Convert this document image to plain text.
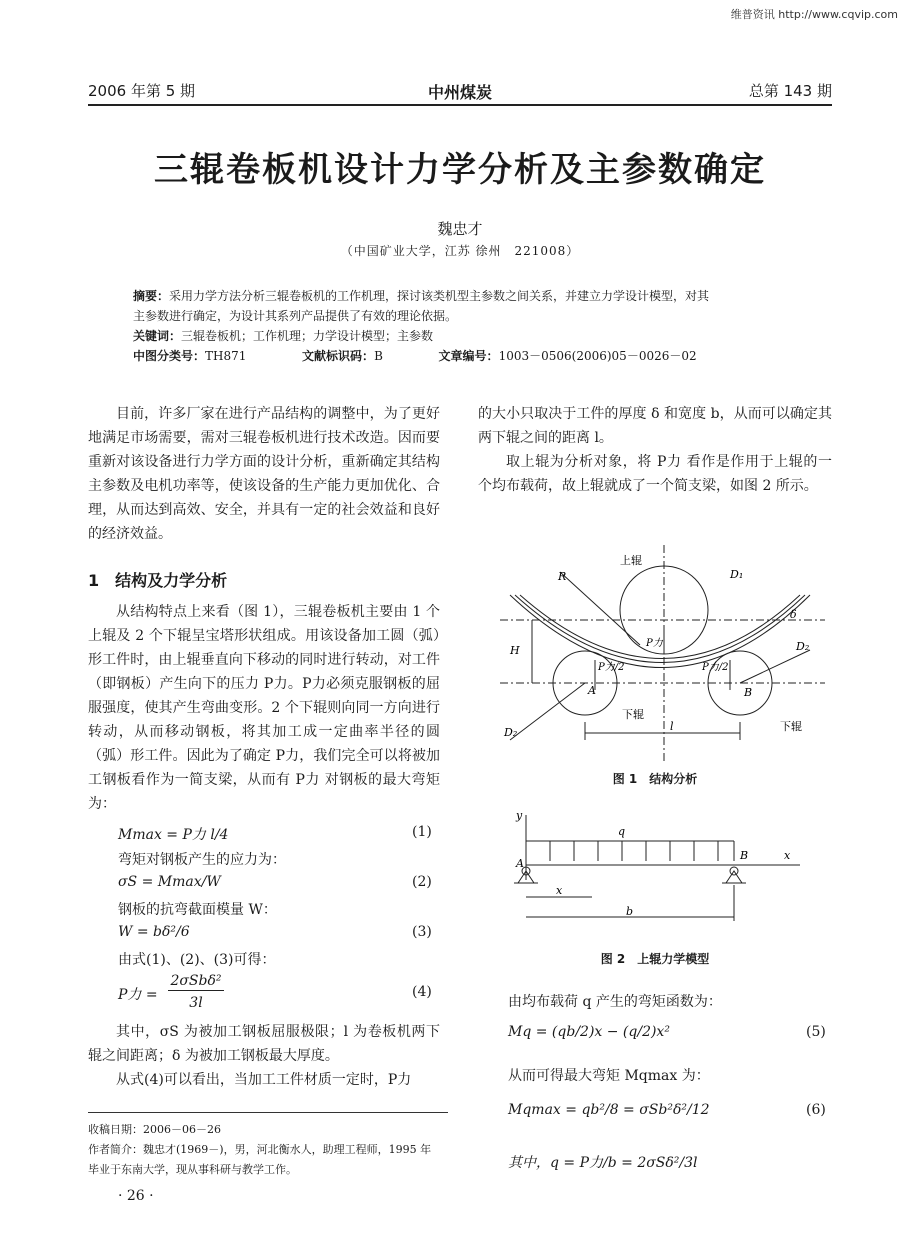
维普资讯 http://www.cqvip.com
2006 年第 5 期	中州煤炭	总第 143 期
三辊卷板机设计力学分析及主参数确定
魏忠才
（中国矿业大学，江苏 徐州　221008）
摘要：采用力学方法分析三辊卷板机的工作机理，探讨该类机型主参数之间关系，并建立力学设计模型，对其
主参数进行确定，为设计其系列产品提供了有效的理论依据。
关键词：三辊卷板机；工作机理；力学设计模型；主参数
中图分类号：TH871	文献标识码：B	文章编号：1003－0506(2006)05－0026－02

目前，许多厂家在进行产品结构的调整中，为了更好地满足市场需要，需对三辊卷板机进行技术改造。因而要重新对该设备进行力学方面的设计分析，重新确定其结构主参数及电机功率等，使该设备的生产能力更加优化、合理，从而达到高效、安全，并具有一定的社会效益和良好的经济效益。

1　结构及力学分析

从结构特点上来看（图 1），三辊卷板机主要由 1 个上辊及 2 个下辊呈宝塔形状组成。用该设备加工圆（弧）形工件时，由上辊垂直向下移动的同时进行转动，对工件（即钢板）产生向下的压力 P力。P力必须克服钢板的屈服强度，使其产生弯曲变形。2 个下辊则向同一方向进行转动，从而移动钢板，将其加工成一定曲率半径的圆（弧）形工件。因此为了确定 P力，我们完全可以将被加工钢板看作为一简支梁，从而有 P力 对钢板的最大弯矩为：

Mmax = P力 l/4	(1)
弯矩对钢板产生的应力为：
σS = Mmax/W	(2)
钢板的抗弯截面模量 W：
W = bδ²/6	(3)
由式(1)、(2)、(3)可得：
P力 =
2σSbδ²
3l
(4)

其中，σS 为被加工钢板屈服极限；l 为卷板机两下辊之间距离；δ 为被加工钢板最大厚度。

从式(4)可以看出，当加工工件材质一定时，P力

收稿日期：2006－06－26
作者简介：魏忠才(1969－)，男，河北衡水人，助理工程师，1995 年
毕业于东南大学，现从事科研与教学工作。
· 26 ·

的大小只取决于工件的厚度 δ 和宽度 b，从而可以确定其两下辊之间的距离 l。

取上辊为分析对象，将 P力 看作是作用于上辊的一个均布载荷，故上辊就成了一个简支梁，如图 2 所示。

R
上辊
D₁
δ
D₂
H
P力
P力/2	P力/2
A	B
下辊
下辊
D₂	l
图 1　结构分析
y
q
A
B	x
x
b
图 2　上辊力学模型
由均布载荷 q 产生的弯矩函数为：
Mq = (qb/2)x − (q/2)x²	(5)
从而可得最大弯矩 Mqmax 为：
Mqmax = qb²/8 = σSb²δ²/12	(6)
其中，q = P力/b = 2σSδ²/3l
